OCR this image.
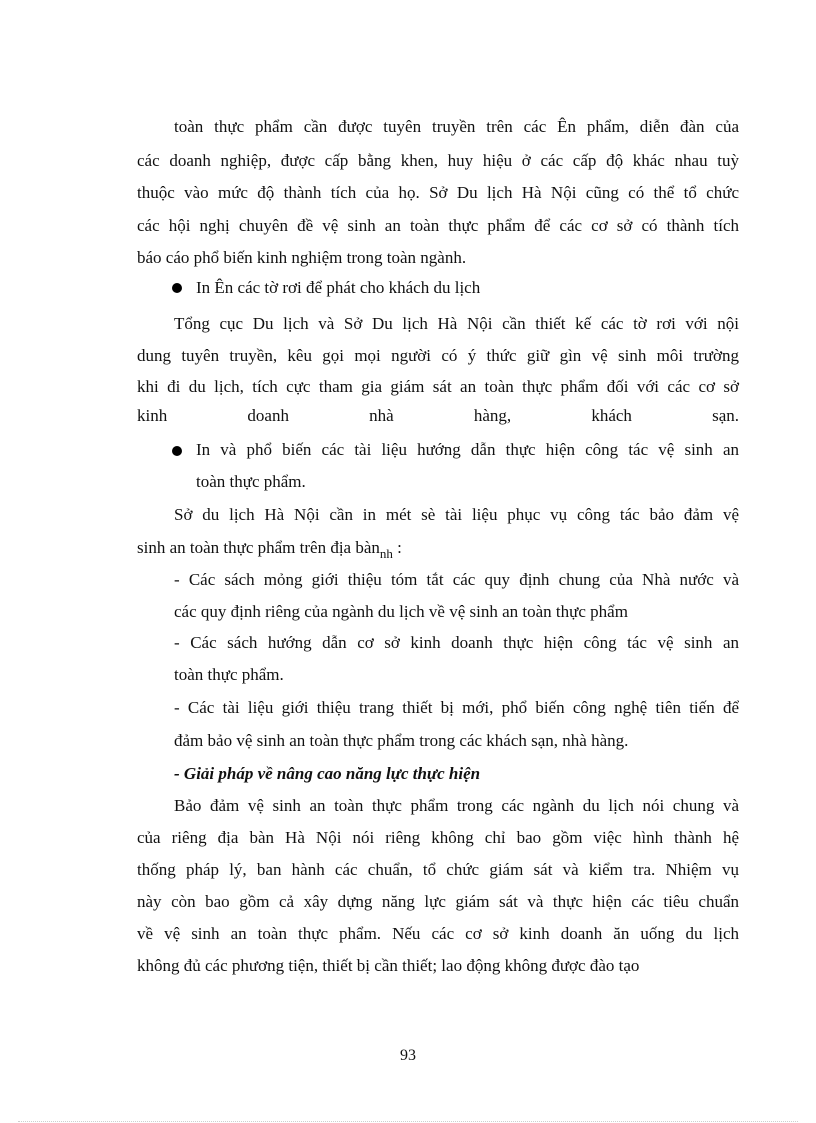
toàn thực phẩm cần được tuyên truyền trên các Ên phẩm, diễn đàn của
các doanh nghiệp, được cấp bằng khen, huy hiệu ở các cấp độ khác nhau tuỳ
thuộc vào mức độ thành tích của họ. Sở Du lịch Hà Nội cũng có thể tổ chức
các hội nghị chuyên đề vệ sinh an toàn thực phẩm để các cơ sở có thành tích
báo cáo phổ biến kinh nghiệm trong toàn ngành.
In Ên các tờ rơi để phát cho khách du lịch
Tổng cục Du lịch và Sở Du lịch Hà Nội cần thiết kế các tờ rơi với nội
dung tuyên truyền, kêu gọi mọi người có ý thức giữ gìn vệ sinh môi trường
khi đi du lịch, tích cực tham gia giám sát an toàn thực phẩm đối với các cơ sở
kinh	doanh	nhà	hàng,	khách	sạn.
In và phổ biến các tài liệu hướng dẫn thực hiện công tác vệ sinh an
toàn thực phẩm.
Sở du lịch Hà Nội cần in mét sè tài liệu phục vụ công tác bảo đảm vệ
sinh an toàn thực phẩm trên địa bàn$_{nh}$ :
- Các sách mỏng giới thiệu tóm tắt các quy định chung của Nhà nước và
các quy định riêng của ngành du lịch về vệ sinh an toàn thực phẩm
- Các sách hướng dẫn cơ sở kinh doanh thực hiện công tác vệ sinh an
toàn thực phẩm.
- Các tài liệu giới thiệu trang thiết bị mới, phổ biến công nghệ tiên tiến để
đảm bảo vệ sinh an toàn thực phẩm trong các khách sạn, nhà hàng.
- Giải pháp về nâng cao năng lực thực hiện
Bảo đảm vệ sinh an toàn thực phẩm trong các ngành du lịch nói chung và
của riêng địa bàn Hà Nội nói riêng không chỉ bao gồm việc hình thành hệ
thống pháp lý, ban hành các chuẩn, tổ chức giám sát và kiểm tra. Nhiệm vụ
này còn bao gồm cả xây dựng năng lực giám sát và thực hiện các tiêu chuẩn
về vệ sinh an toàn thực phẩm. Nếu các cơ sở kinh doanh ăn uống du lịch
không đủ các phương tiện, thiết bị cần thiết; lao động không được đào tạo
93
